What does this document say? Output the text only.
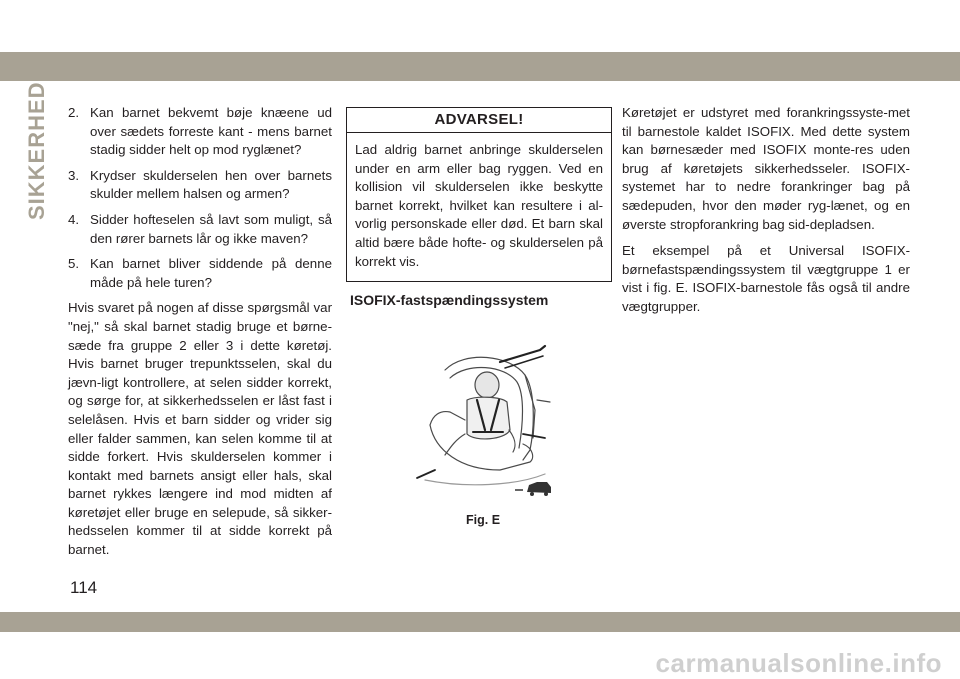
SIKKERHED 2. Kan barnet bekvemt bøje knæene ud over sædets forreste kant - mens barnet stadig sidder helt op mod ryglænet?
3. Krydser skulderselen hen over barnets skulder mellem halsen og armen?
4. Sidder hofteselen så lavt som muligt, så den rører barnets lår og ikke maven?
5. Kan barnet bliver siddende på denne måde på hele turen?

Hvis svaret på nogen af disse spørgsmål var "nej," så skal barnet stadig bruge et børne-sæde fra gruppe 2 eller 3 i dette køretøj. Hvis barnet bruger trepunktsselen, skal du jævn-ligt kontrollere, at selen sidder korrekt, og sørge for, at sikkerhedsselen er låst fast i selelåsen. Hvis et barn sidder og vrider sig eller falder sammen, kan selen komme til at sidde forkert. Hvis skulderselen kommer i kontakt med barnets ansigt eller hals, skal barnet rykkes længere ind mod midten af køretøjet eller bruge en selepude, så sikker-hedsselen kommer til at sidde korrekt på barnet.

ADVARSEL!
Lad aldrig barnet anbringe skulderselen under en arm eller bag ryggen. Ved en kollision vil skulderselen ikke beskytte barnet korrekt, hvilket kan resultere i al-vorlig personskade eller død. Et barn skal altid bære både hofte- og skulderselen på korrekt vis.
ISOFIX-fastspændingssystem
Fig. E

Køretøjet er udstyret med forankringssyste-met til barnestole kaldet ISOFIX. Med dette system kan børnesæder med ISOFIX monte-res uden brug af køretøjets sikkerhedsseler. ISOFIX-systemet har to nedre forankringer bag på sædepuden, hvor den møder ryg-lænet, og en øverste stropforankring bag sid-depladsen.

Et eksempel på et Universal ISOFIX-børnefastspændingssystem til vægtgruppe 1 er vist i fig. E. ISOFIX-barnestole fås også til andre vægtgrupper.

114
carmanualsonline.info
